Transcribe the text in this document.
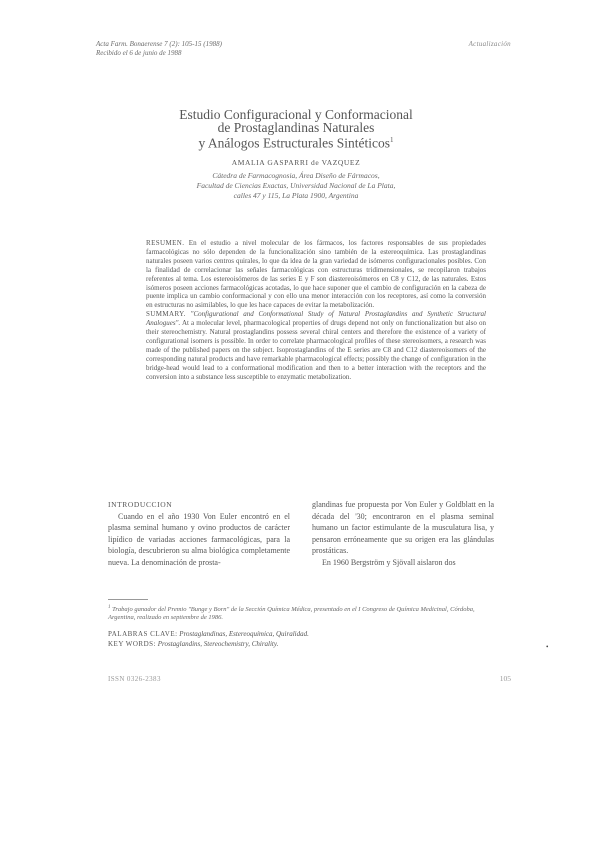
Acta Farm. Bonaerense 7 (2): 105-15 (1988)
Recibido el 6 de junio de 1988
Actualización
Estudio Configuracional y Conformacional
de Prostaglandinas Naturales
y Análogos Estructurales Sintéticos$^1$
AMALIA GASPARRI de VAZQUEZ
Cátedra de Farmacognosia, Área Diseño de Fármacos,
Facultad de Ciencias Exactas, Universidad Nacional de La Plata,
calles 47 y 115, La Plata 1900, Argentina

RESUMEN. En el estudio a nivel molecular de los fármacos, los factores responsables de sus propiedades farmacológicas no sólo dependen de la funcionalización sino también de la estereoquímica. Las prostaglandinas naturales poseen varios centros quirales, lo que da idea de la gran variedad de isómeros configuracionales posibles. Con la finalidad de correlacionar las señales farmacológicas con estructuras tridimensionales, se recopilaron trabajos referentes al tema. Los estereoisómeros de las series E y F son diastereoisómeros en C8 y C12, de las naturales. Estos isómeros poseen acciones farmacológicas acotadas, lo que hace suponer que el cambio de configuración en la cabeza de puente implica un cambio conformacional y con ello una menor interacción con los receptores, así como la conversión en estructuras no asimilables, lo que les hace capaces de evitar la metabolización.

SUMMARY. "Configurational and Conformational Study of Natural Prostaglandins and Synthetic Structural Analogues". At a molecular level, pharmacological properties of drugs depend not only on functionalization but also on their stereochemistry. Natural prostaglandins possess several chiral centers and therefore the existence of a variety of configurational isomers is possible. In order to correlate pharmacological profiles of these stereoisomers, a research was made of the published papers on the subject. Isoprostaglandins of the E series are C8 and C12 diastereoisomers of the corresponding natural products and have remarkable pharmacological effects; possibly the change of configuration in the bridge-head would lead to a conformational modification and then to a better interaction with the receptors and the conversion into a substance less susceptible to enzymatic metabolization.

INTRODUCCION

Cuando en el año 1930 Von Euler encontró en el plasma seminal humano y ovino productos de carácter lipídico de variadas acciones farmacológicas, para la biología, descubrieron su alma biológica completamente nueva. La denominación de prosta-

glandinas fue propuesta por Von Euler y Goldblatt en la década del '30; encontraron en el plasma seminal humano un factor estimulante de la musculatura lisa, y pensaron erróneamente que su origen era las glándulas prostáticas.

En 1960 Bergström y Sjövall aislaron dos

$^1$ Trabajo ganador del Premio "Bunge y Born" de la Sección Química Médica, presentado en el I Congreso de Química Medicinal, Córdoba, Argentina, realizado en septiembre de 1986.
PALABRAS CLAVE: Prostaglandinas, Estereoquímica, Quiralidad.
KEY WORDS: Prostaglandins, Stereochemistry, Chirality.	•
ISSN 0326-2383	105
